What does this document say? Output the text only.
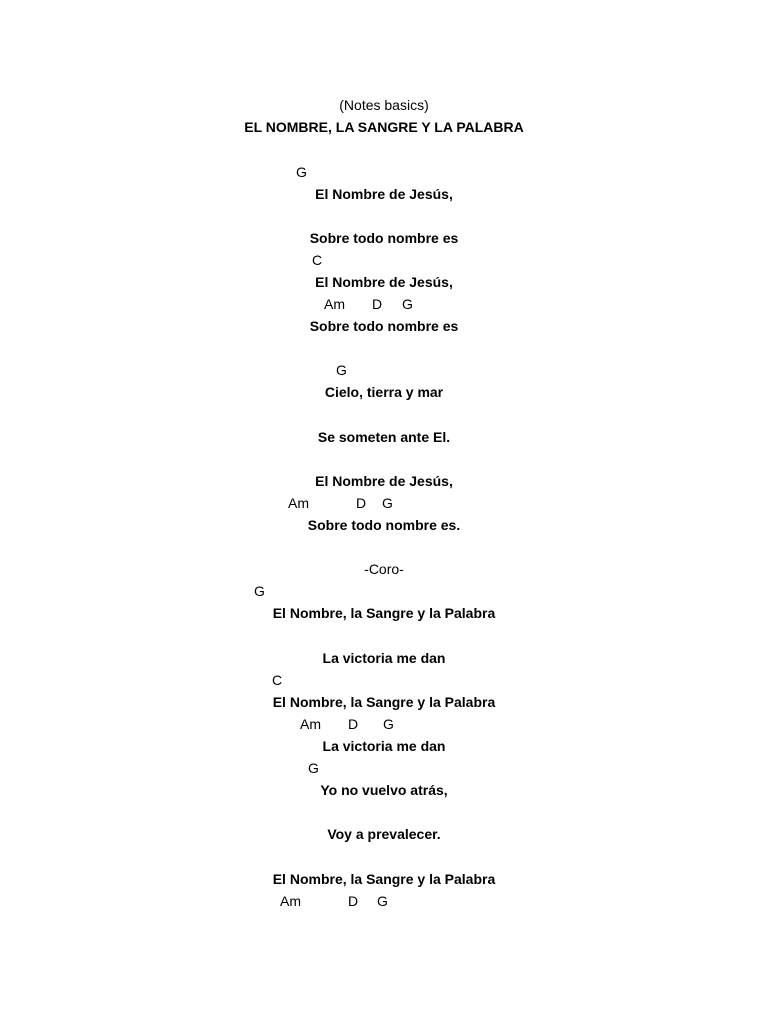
(Notes basics)
EL NOMBRE, LA SANGRE Y LA PALABRA
G
El Nombre de Jesús,
Sobre todo nombre es
C
El Nombre de Jesús,
Am D G
Sobre todo nombre es
G
Cielo, tierra y mar
Se someten ante El.
El Nombre de Jesús,
Am	D G
Sobre todo nombre es.
-Coro-
G
El Nombre, la Sangre y la Palabra
La victoria me dan
C
El Nombre, la Sangre y la Palabra
Am D G
La victoria me dan
G
Yo no vuelvo atrás,
Voy a prevalecer.
El Nombre, la Sangre y la Palabra
Am	D G
